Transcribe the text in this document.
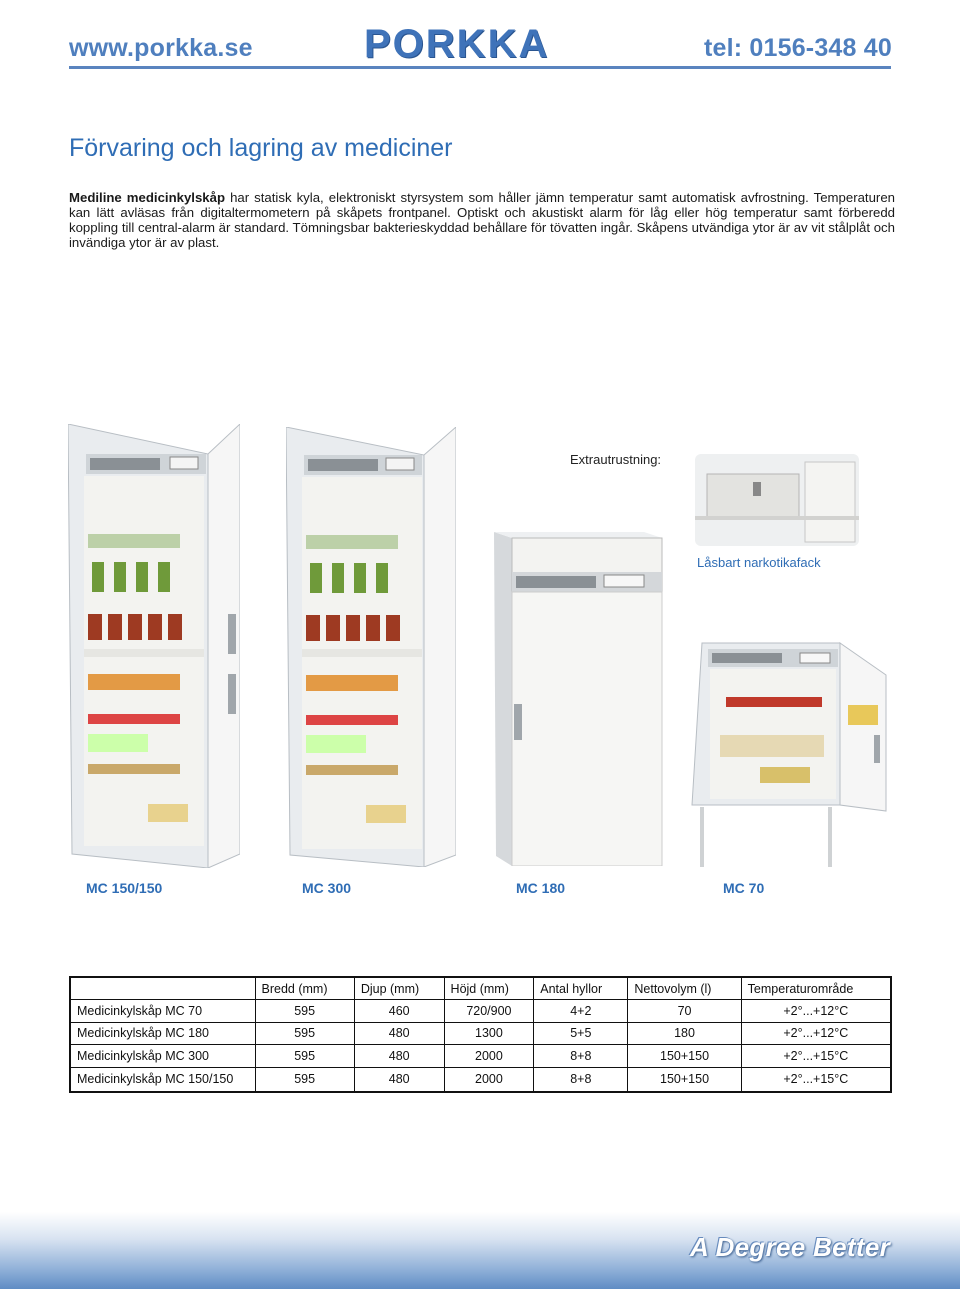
www.porkka.se	PORKKA	tel: 0156-348 40
Förvaring och lagring av mediciner

Mediline medicinkylskåp har statisk kyla, elektroniskt styrsystem som håller jämn temperatur samt automatisk avfrostning. Temperaturen kan lätt avläsas från digitaltermometern på skåpets frontpanel. Optiskt och akustiskt alarm för låg eller hög temperatur samt förberedd koppling till central-alarm är standard. Tömningsbar bakterieskyddad behållare för tövatten ingår. Skåpens utvändiga ytor är av vit stålplåt och invändiga ytor är av plast.

Extrautrustning:
Låsbart narkotikafack
MC 150/150	MC 300	MC 180	MC 70
	Bredd (mm)	Djup (mm)	Höjd (mm)	Antal hyllor	Nettovolym (l)	Temperaturområde
Medicinkylskåp MC 70	595	460	720/900	4+2	70	+2°...+12°C
Medicinkylskåp MC 180	595	480	1300	5+5	180	+2°...+12°C
Medicinkylskåp MC 300	595	480	2000	8+8	150+150	+2°...+15°C
Medicinkylskåp MC 150/150	595	480	2000	8+8	150+150	+2°...+15°C
A Degree Better
